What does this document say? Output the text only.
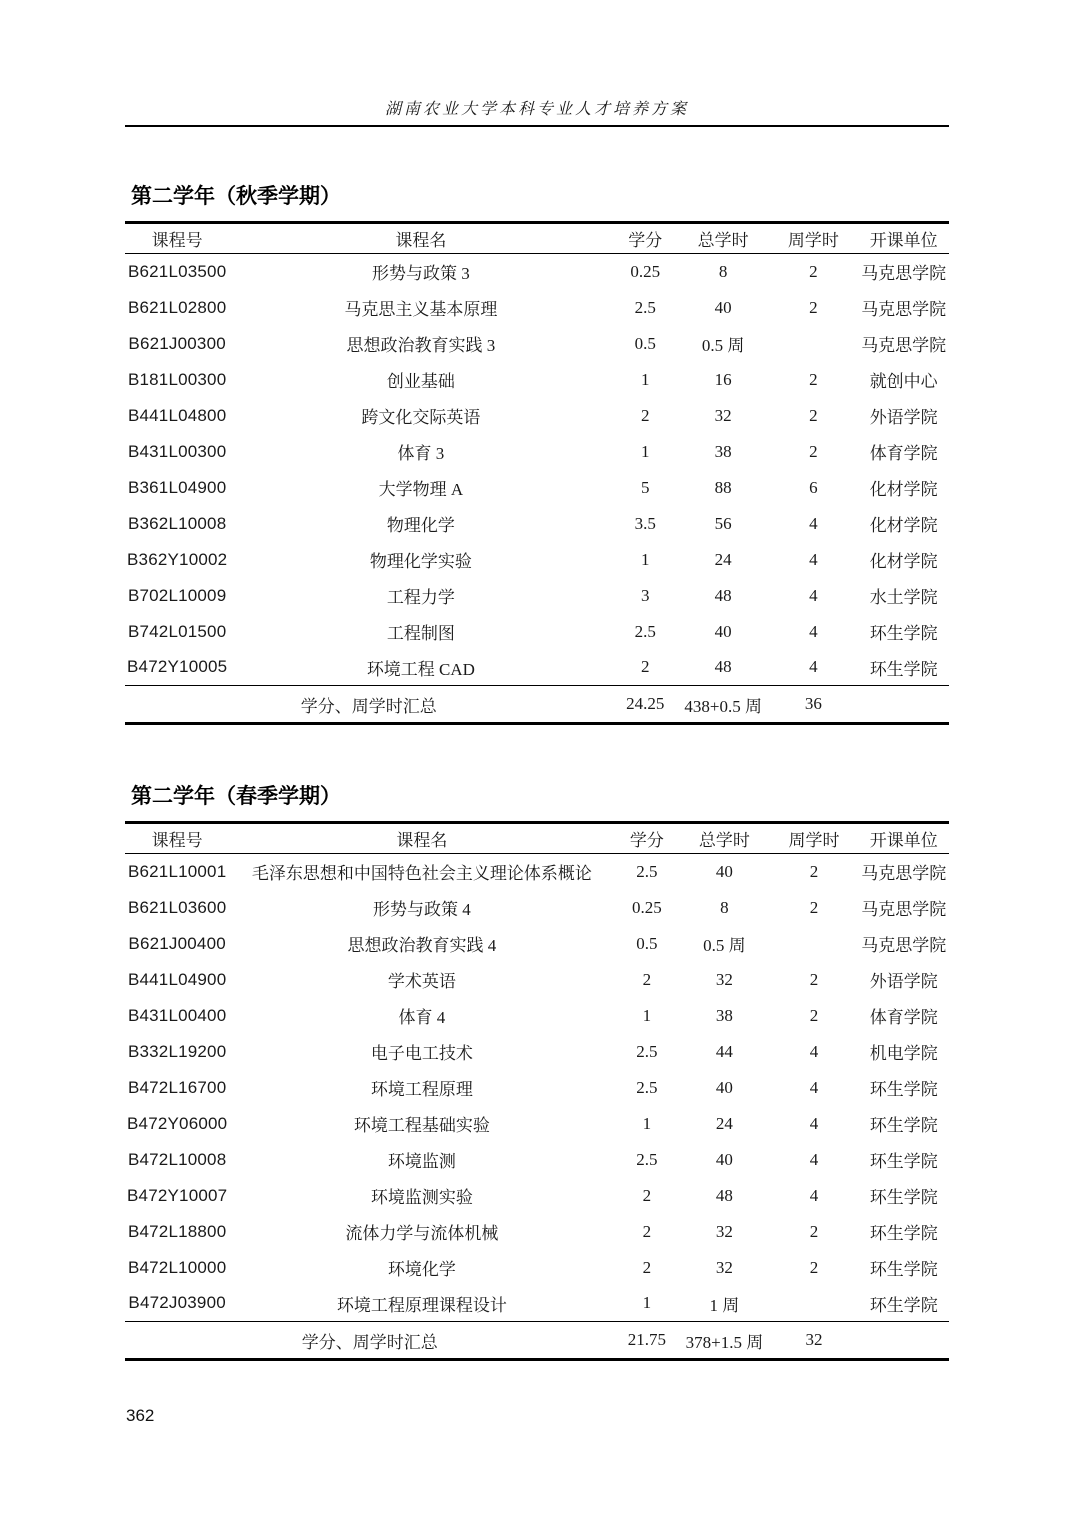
湖南农业大学本科专业人才培养方案
第二学年（秋季学期）
课程号	课程名	学分	总学时	周学时	开课单位
B621L03500	形势与政策 3	0.25	8	2	马克思学院
B621L02800	马克思主义基本原理	2.5	40	2	马克思学院
B621J00300	思想政治教育实践 3	0.5	0.5 周		马克思学院
B181L00300	创业基础	1	16	2	就创中心
B441L04800	跨文化交际英语	2	32	2	外语学院
B431L00300	体育 3	1	38	2	体育学院
B361L04900	大学物理 A	5	88	6	化材学院
B362L10008	物理化学	3.5	56	4	化材学院
B362Y10002	物理化学实验	1	24	4	化材学院
B702L10009	工程力学	3	48	4	水土学院
B742L01500	工程制图	2.5	40	4	环生学院
B472Y10005	环境工程 CAD	2	48	4	环生学院
学分、周学时汇总		24.25	438+0.5 周	36	
第二学年（春季学期）
课程号	课程名	学分	总学时	周学时	开课单位
B621L10001	毛泽东思想和中国特色社会主义理论体系概论	2.5	40	2	马克思学院
B621L03600	形势与政策 4	0.25	8	2	马克思学院
B621J00400	思想政治教育实践 4	0.5	0.5 周		马克思学院
B441L04900	学术英语	2	32	2	外语学院
B431L00400	体育 4	1	38	2	体育学院
B332L19200	电子电工技术	2.5	44	4	机电学院
B472L16700	环境工程原理	2.5	40	4	环生学院
B472Y06000	环境工程基础实验	1	24	4	环生学院
B472L10008	环境监测	2.5	40	4	环生学院
B472Y10007	环境监测实验	2	48	4	环生学院
B472L18800	流体力学与流体机械	2	32	2	环生学院
B472L10000	环境化学	2	32	2	环生学院
B472J03900	环境工程原理课程设计	1	1 周		环生学院
学分、周学时汇总		21.75	378+1.5 周	32	
362
